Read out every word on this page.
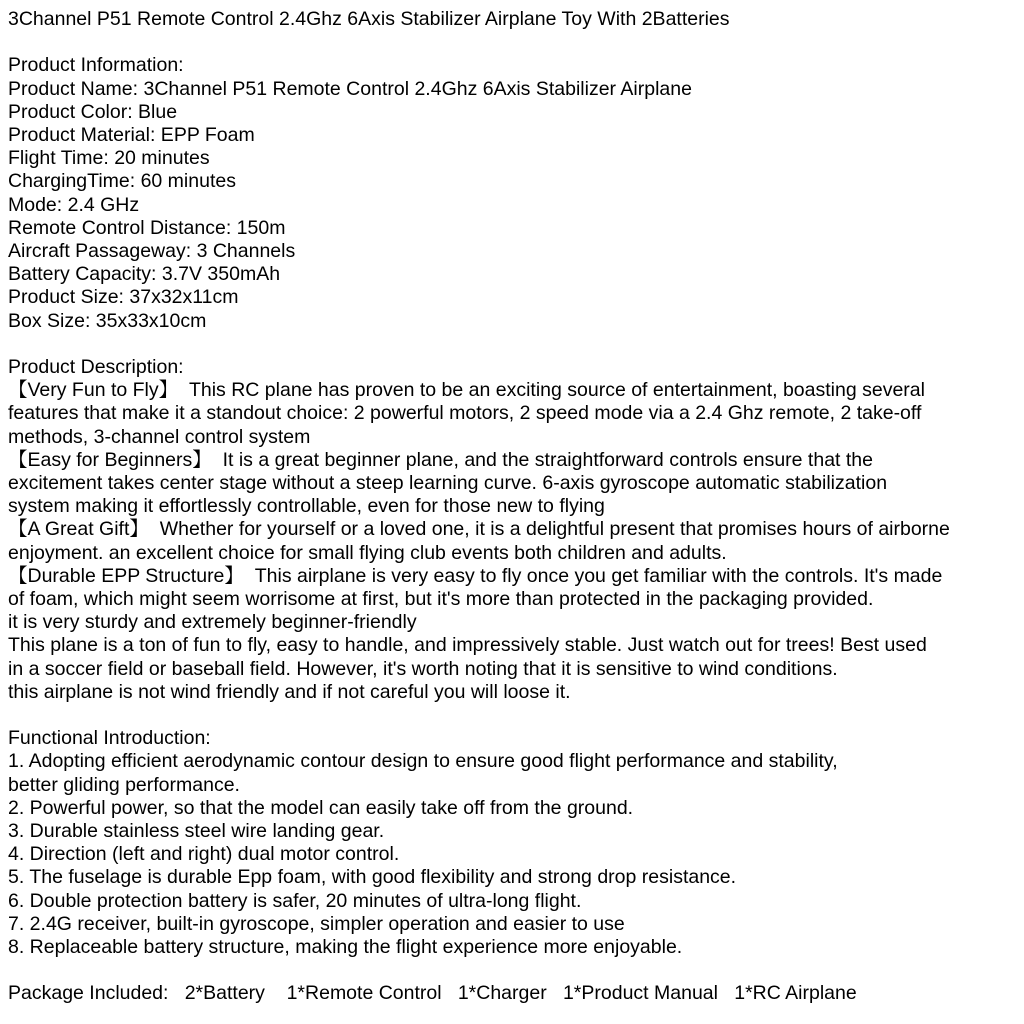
3Channel P51 Remote Control 2.4Ghz 6Axis Stabilizer Airplane Toy With 2Batteries
Product Information:
Product Name: 3Channel P51 Remote Control 2.4Ghz 6Axis Stabilizer Airplane
Product Color: Blue
Product Material: EPP Foam
Flight Time: 20 minutes
ChargingTime: 60 minutes
Mode: 2.4 GHz
Remote Control Distance: 150m
Aircraft Passageway: 3 Channels
Battery Capacity: 3.7V 350mAh
Product Size: 37x32x11cm
Box Size: 35x33x10cm
Product Description:
【Very Fun to Fly】  This RC plane has proven to be an exciting source of entertainment, boasting several
features that make it a standout choice: 2 powerful motors, 2 speed mode via a 2.4 Ghz remote, 2 take-off
methods, 3-channel control system
【Easy for Beginners】  It is a great beginner plane, and the straightforward controls ensure that the
excitement takes center stage without a steep learning curve. 6-axis gyroscope automatic stabilization
system making it effortlessly controllable, even for those new to flying
【A Great Gift】  Whether for yourself or a loved one, it is a delightful present that promises hours of airborne
enjoyment. an excellent choice for small flying club events both children and adults.
【Durable EPP Structure】  This airplane is very easy to fly once you get familiar with the controls. It's made
of foam, which might seem worrisome at first, but it's more than protected in the packaging provided.
it is very sturdy and extremely beginner-friendly
This plane is a ton of fun to fly, easy to handle, and impressively stable. Just watch out for trees! Best used
in a soccer field or baseball field. However, it's worth noting that it is sensitive to wind conditions.
this airplane is not wind friendly and if not careful you will loose it.
Functional Introduction:
1. Adopting efficient aerodynamic contour design to ensure good flight performance and stability,
better gliding performance.
2. Powerful power, so that the model can easily take off from the ground.
3. Durable stainless steel wire landing gear.
4. Direction (left and right) dual motor control.
5. The fuselage is durable Epp foam, with good flexibility and strong drop resistance.
6. Double protection battery is safer, 20 minutes of ultra-long flight.
7. 2.4G receiver, built-in gyroscope, simpler operation and easier to use
8. Replaceable battery structure, making the flight experience more enjoyable.
Package Included:   2*Battery    1*Remote Control   1*Charger   1*Product Manual   1*RC Airplane
